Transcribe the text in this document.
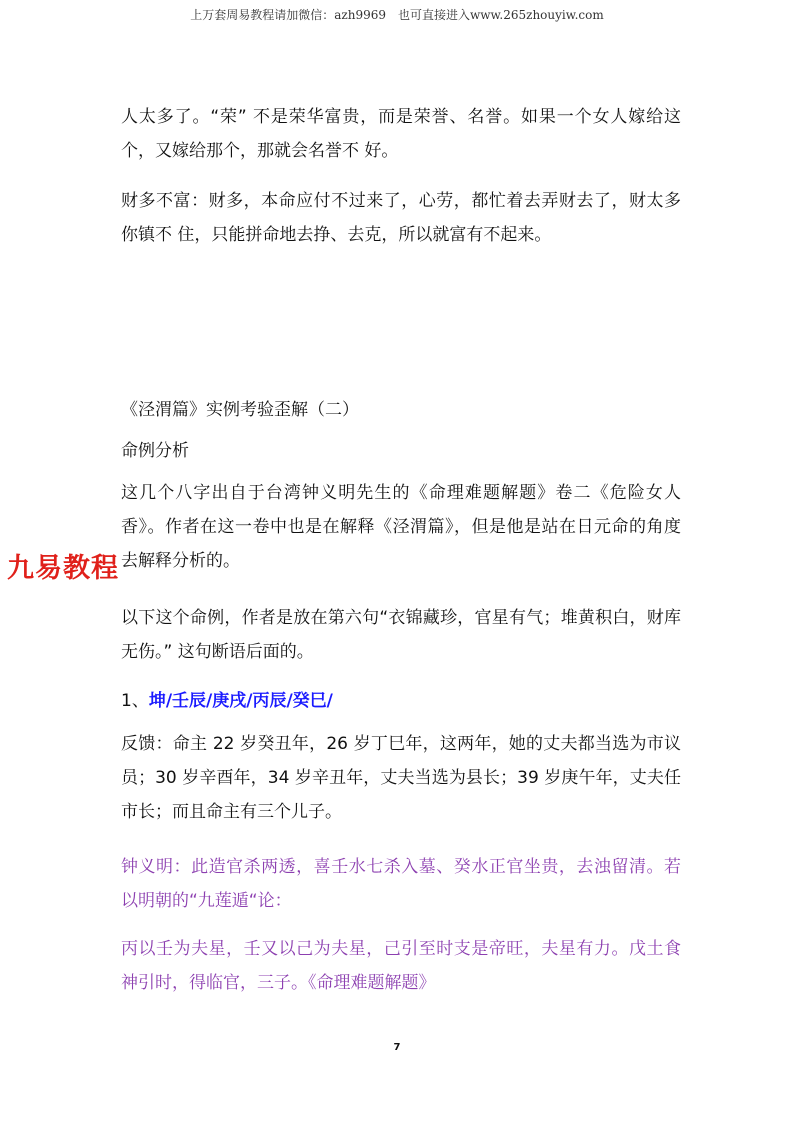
上万套周易教程请加微信：azh9969　也可直接进入www.265zhouyiw.com
人太多了。“荣” 不是荣华富贵，而是荣誉、名誉。如果一个女人嫁给这个，又嫁给那个，那就会名誉不 好。
财多不富：财多，本命应付不过来了，心劳，都忙着去弄财去了，财太多你镇不 住，只能拼命地去挣、去克，所以就富有不起来。
《泾渭篇》实例考验歪解（二）
命例分析
这几个八字出自于台湾钟义明先生的《命理难题解题》卷二《危险女人香》。作者在这一卷中也是在解释《泾渭篇》，但是他是站在日元命的角度去解释分析的。
以下这个命例，作者是放在第六句“衣锦藏珍，官星有气；堆黄积白，财库无伤。” 这句断语后面的。
1、坤/壬辰/庚戌/丙辰/癸巳/
反馈：命主 22 岁癸丑年，26 岁丁巳年，这两年，她的丈夫都当选为市议员；30 岁辛酉年，34 岁辛丑年，丈夫当选为县长；39 岁庚午年，丈夫任市长；而且命主有三个儿子。
钟义明：此造官杀两透，喜壬水七杀入墓、癸水正官坐贵，去浊留清。若以明朝的“九莲遁“论：
丙以壬为夫星，壬又以己为夫星，己引至时支是帝旺，夫星有力。戊土食神引时，得临官，三子。《命理难题解题》
九易教程
7
